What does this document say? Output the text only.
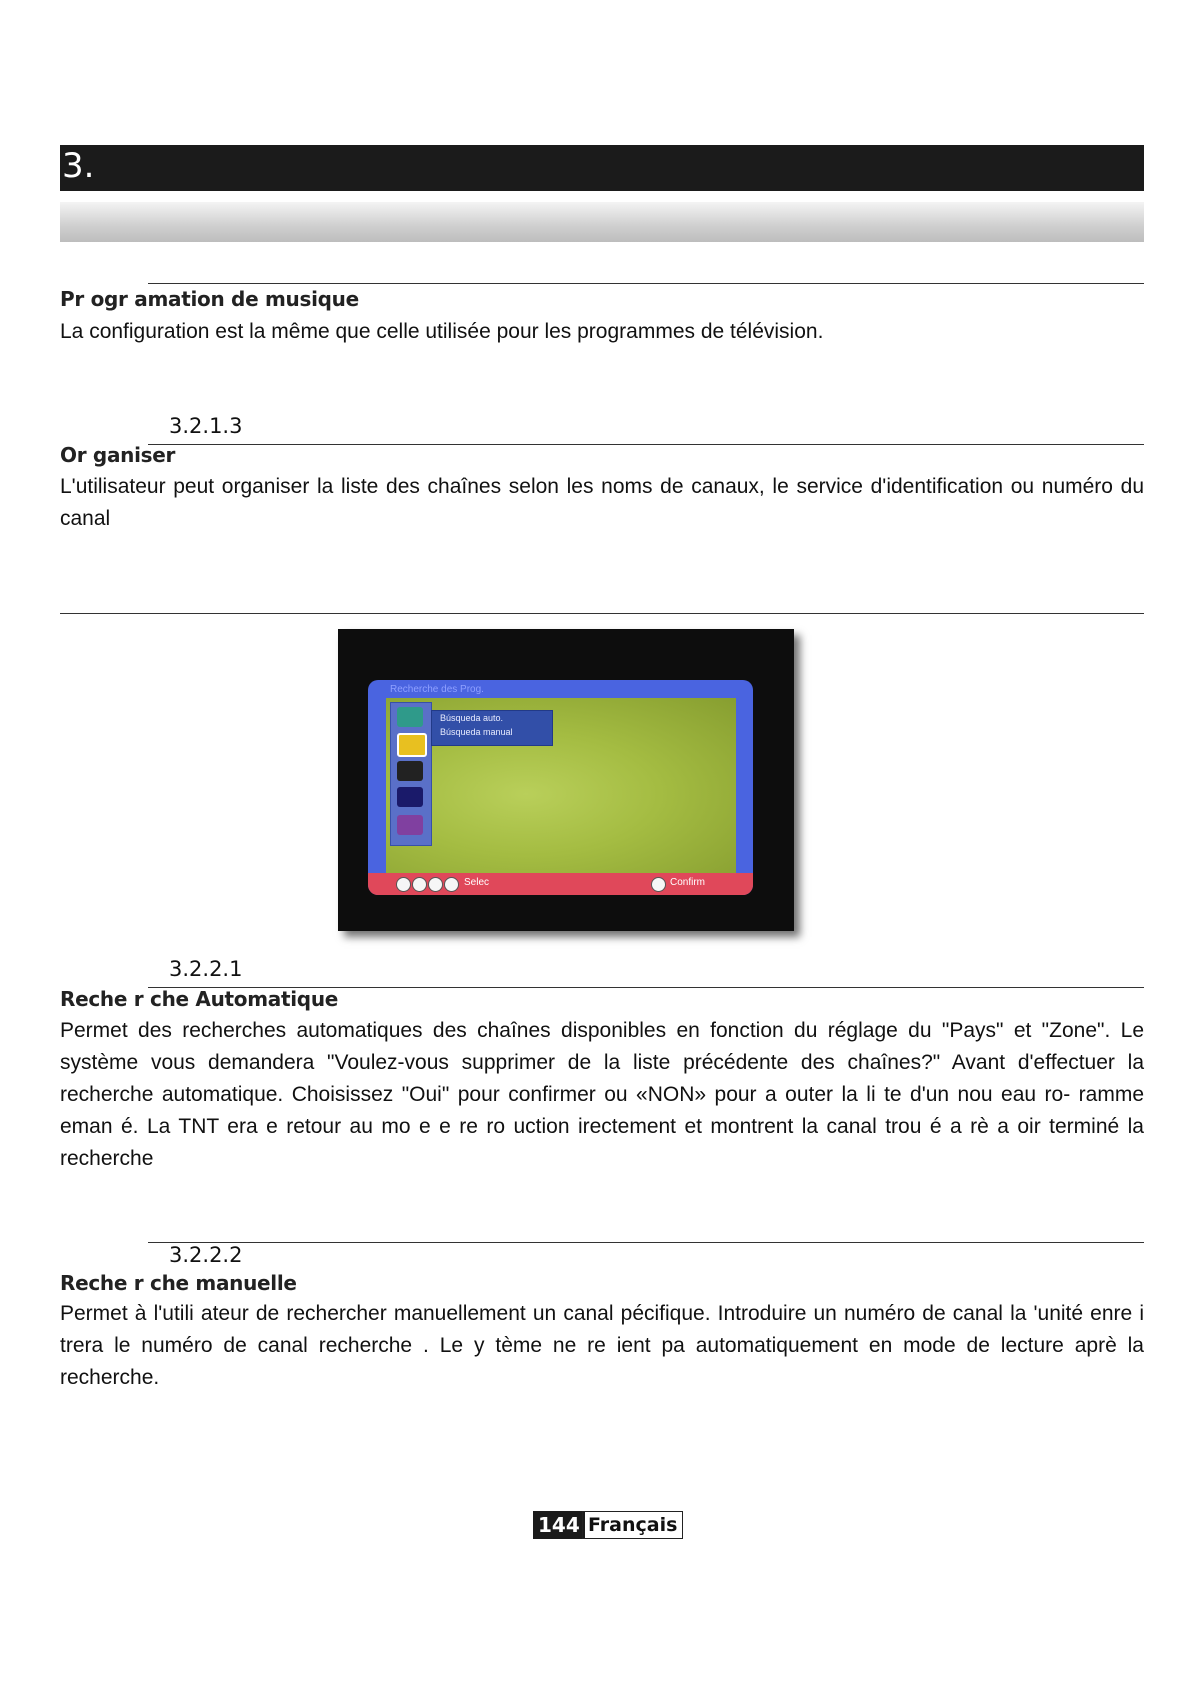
3.
Pr ogr amation de musique
La configuration est la même que celle utilisée pour les programmes de télévision.
3.2.1.3
Or ganiser
L'utilisateur peut organiser la liste des chaînes selon les noms de canaux, le service d'identification ou numéro du canal
Recherche des Prog.
Búsqueda auto.
Búsqueda manual
Selec	Confirm
3.2.2.1
Reche r che Automatique
Permet des recherches automatiques des chaînes disponibles en fonction du réglage du "Pays" et "Zone". Le système vous demandera "Voulez-vous supprimer de la liste précédente des chaînes?" Avant d'effectuer la recherche automatique. Choisissez "Oui" pour confirmer ou «NON» pour a outer la li te d'un nou eau ro- ramme eman é. La TNT era e retour au mo e e re ro uction irectement et montrent la canal trou é a rè a oir terminé la recherche
3.2.2.2
Reche r che manuelle
Permet à l'utili ateur de rechercher manuellement un canal pécifique. Introduire un numéro de canal la 'unité enre i trera le numéro de canal recherche . Le y tème ne re ient pa automatiquement en mode de lecture aprè la recherche.
144 Français
